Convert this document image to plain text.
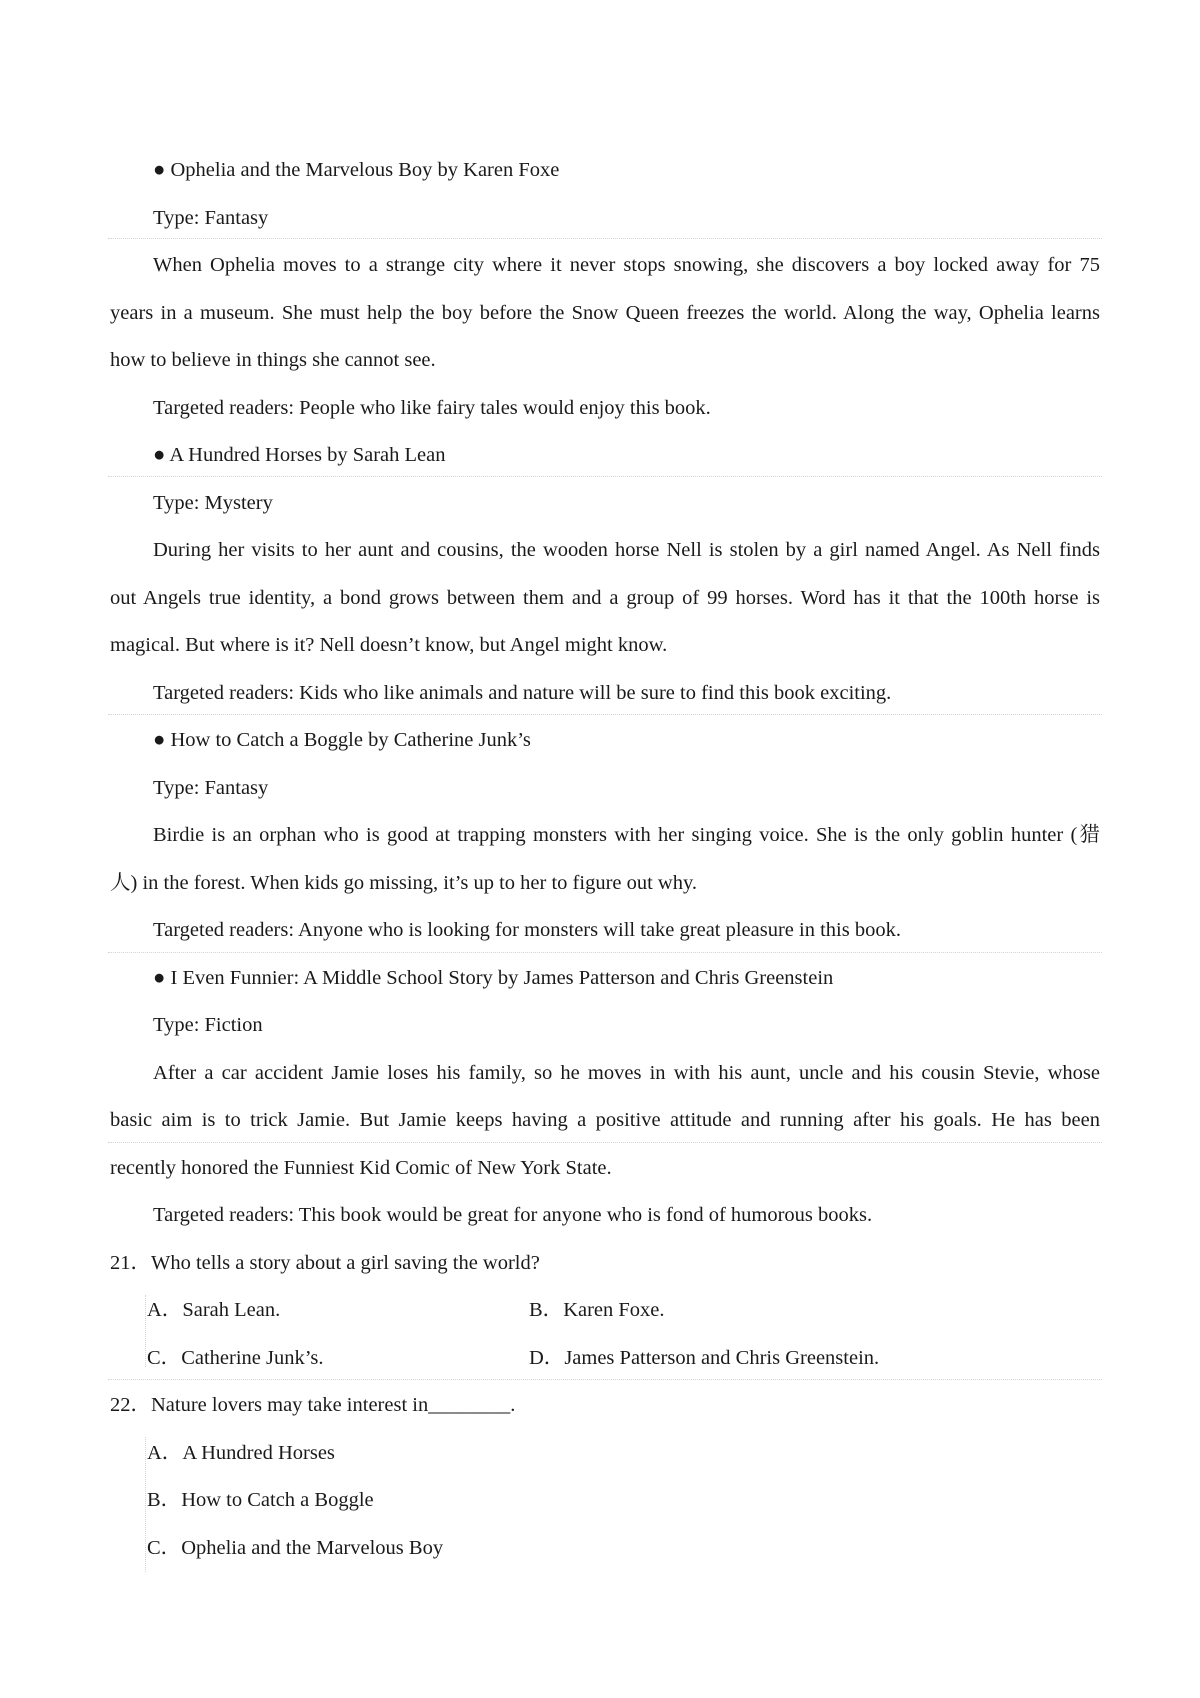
● Ophelia and the Marvelous Boy by Karen Foxe
Type: Fantasy
When Ophelia moves to a strange city where it never stops snowing, she discovers a boy locked away for 75
years in a museum. She must help the boy before the Snow Queen freezes the world. Along the way, Ophelia learns
how to believe in things she cannot see.
Targeted readers: People who like fairy tales would enjoy this book.
● A Hundred Horses by Sarah Lean
Type: Mystery
During her visits to her aunt and cousins, the wooden horse Nell is stolen by a girl named Angel. As Nell finds
out Angels true identity, a bond grows between them and a group of 99 horses. Word has it that the 100th horse is
magical. But where is it? Nell doesn’t know, but Angel might know.
Targeted readers: Kids who like animals and nature will be sure to find this book exciting.
● How to Catch a Boggle by Catherine Junk’s
Type: Fantasy
Birdie is an orphan who is good at trapping monsters with her singing voice. She is the only goblin hunter (猎
人) in the forest. When kids go missing, it’s up to her to figure out why.
Targeted readers: Anyone who is looking for monsters will take great pleasure in this book.
● I Even Funnier: A Middle School Story by James Patterson and Chris Greenstein
Type: Fiction
After a car accident Jamie loses his family, so he moves in with his aunt, uncle and his cousin Stevie, whose
basic aim is to trick Jamie. But Jamie keeps having a positive attitude and running after his goals. He has been
recently honored the Funniest Kid Comic of New York State.
Targeted readers: This book would be great for anyone who is fond of humorous books.
21．Who tells a story about a girl saving the world?
A．Sarah Lean.	B．Karen Foxe.
C．Catherine Junk’s.	D．James Patterson and Chris Greenstein.
22．Nature lovers may take interest in________.
A．A Hundred Horses
B．How to Catch a Boggle
C．Ophelia and the Marvelous Boy
